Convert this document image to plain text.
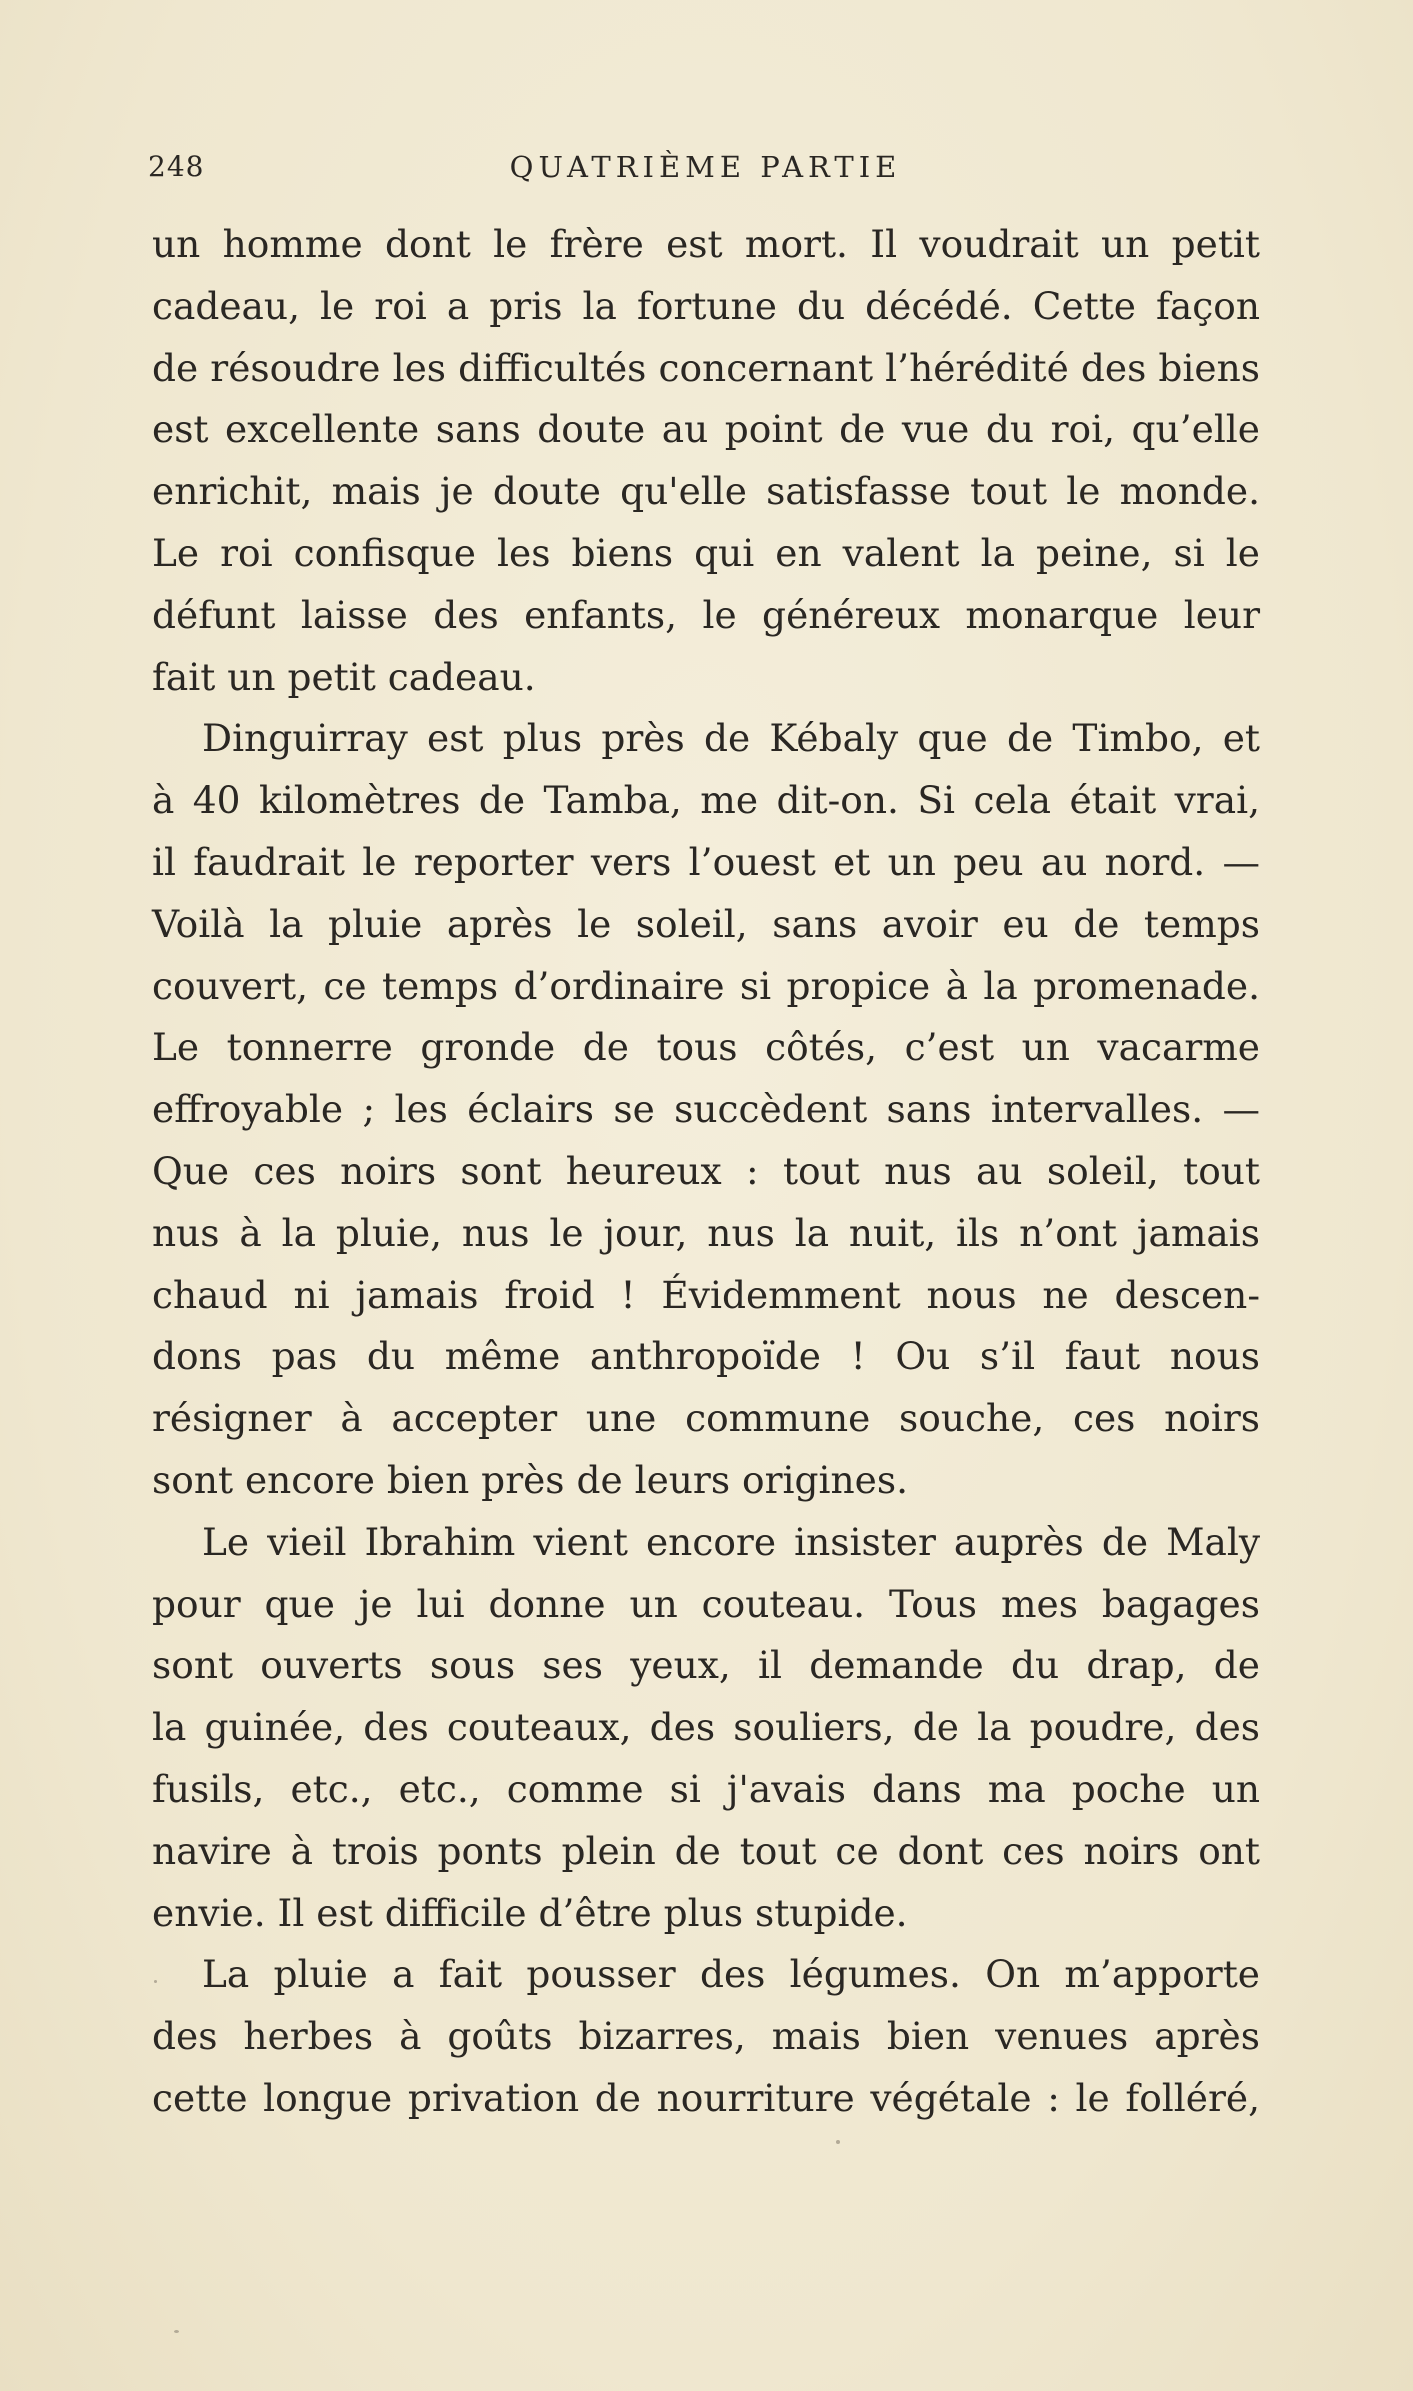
248	QUATRIÈME PARTIE
un homme dont le frère est mort. Il voudrait un petit
cadeau, le roi a pris la fortune du décédé. Cette façon
de résoudre les difficultés concernant l’hérédité des biens
est excellente sans doute au point de vue du roi, qu’elle
enrichit, mais je doute qu'elle satisfasse tout le monde.
Le roi confisque les biens qui en valent la peine, si le
défunt laisse des enfants, le généreux monarque leur
fait un petit cadeau.
Dinguirray est plus près de Kébaly que de Timbo, et
à 40 kilomètres de Tamba, me dit-on. Si cela était vrai,
il faudrait le reporter vers l’ouest et un peu au nord. —
Voilà la pluie après le soleil, sans avoir eu de temps
couvert, ce temps d’ordinaire si propice à la promenade.
Le tonnerre gronde de tous côtés, c’est un vacarme
effroyable ; les éclairs se succèdent sans intervalles. —
Que ces noirs sont heureux : tout nus au soleil, tout
nus à la pluie, nus le jour, nus la nuit, ils n’ont jamais
chaud ni jamais froid ! Évidemment nous ne descen-
dons pas du même anthropoïde ! Ou s’il faut nous
résigner à accepter une commune souche, ces noirs
sont encore bien près de leurs origines.
Le vieil Ibrahim vient encore insister auprès de Maly
pour que je lui donne un couteau. Tous mes bagages
sont ouverts sous ses yeux, il demande du drap, de
la guinée, des couteaux, des souliers, de la poudre, des
fusils, etc., etc., comme si j'avais dans ma poche un
navire à trois ponts plein de tout ce dont ces noirs ont
envie. Il est difficile d’être plus stupide.
La pluie a fait pousser des légumes. On m’apporte
des herbes à goûts bizarres, mais bien venues après
cette longue privation de nourriture végétale : le folléré,
